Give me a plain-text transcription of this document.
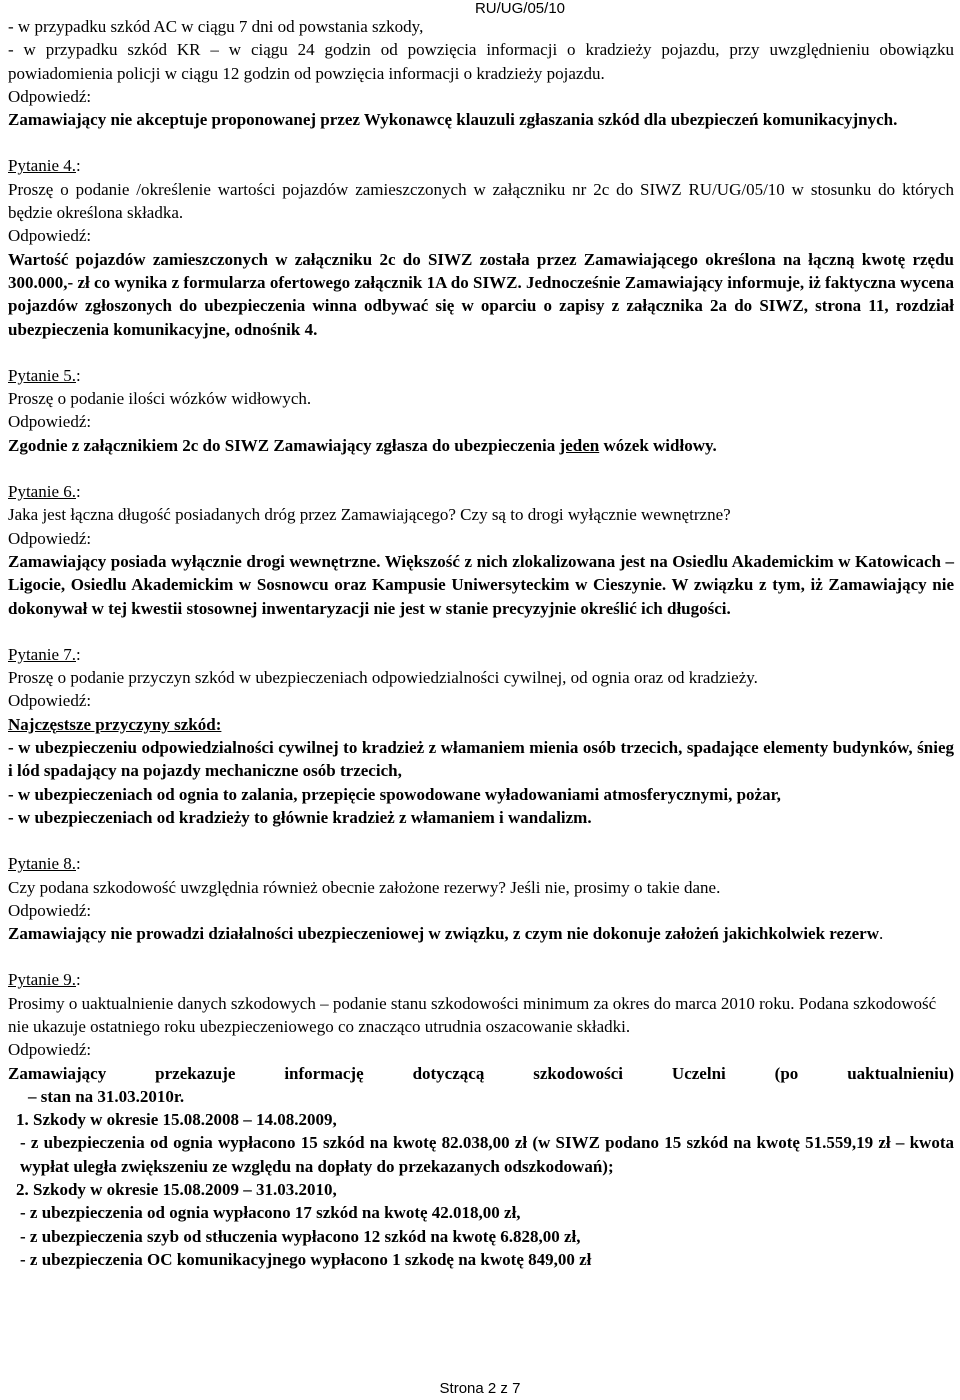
RU/UG/05/10

- w przypadku szkód AC w ciągu 7 dni od powstania szkody,

- w przypadku szkód KR – w ciągu 24 godzin od powzięcia informacji o kradzieży pojazdu, przy uwzględnieniu obowiązku powiadomienia policji w ciągu 12 godzin od powzięcia informacji o kradzieży pojazdu.

Odpowiedź:

Zamawiający nie akceptuje proponowanej przez Wykonawcę klauzuli zgłaszania szkód dla ubezpieczeń komunikacyjnych.

Pytanie 4.:

Proszę o podanie /określenie wartości pojazdów zamieszczonych w załączniku nr 2c do SIWZ RU/UG/05/10 w stosunku do których będzie określona składka.

Odpowiedź:

Wartość pojazdów zamieszczonych w załączniku 2c do SIWZ została przez Zamawiającego określona na łączną kwotę rzędu 300.000,- zł co wynika z formularza ofertowego załącznik 1A do SIWZ. Jednocześnie Zamawiający informuje, iż faktyczna wycena pojazdów zgłoszonych do ubezpieczenia winna odbywać się w oparciu o zapisy z załącznika 2a do SIWZ, strona 11, rozdział ubezpieczenia komunikacyjne, odnośnik 4.

Pytanie 5.:

Proszę o podanie ilości wózków widłowych.

Odpowiedź:

Zgodnie z załącznikiem 2c do SIWZ Zamawiający zgłasza do ubezpieczenia jeden wózek widłowy.

Pytanie 6.:

Jaka jest łączna długość posiadanych dróg przez Zamawiającego? Czy są to drogi wyłącznie wewnętrzne?

Odpowiedź:

Zamawiający posiada wyłącznie drogi wewnętrzne. Większość z nich zlokalizowana jest na Osiedlu Akademickim w Katowicach – Ligocie, Osiedlu Akademickim w Sosnowcu oraz Kampusie Uniwersyteckim w Cieszynie. W związku z tym, iż Zamawiający nie dokonywał w tej kwestii stosownej inwentaryzacji nie jest w stanie precyzyjnie określić ich długości.

Pytanie 7.:

Proszę o podanie przyczyn szkód w ubezpieczeniach odpowiedzialności cywilnej, od ognia oraz od kradzieży.

Odpowiedź:

Najczęstsze przyczyny szkód:

- w ubezpieczeniu odpowiedzialności cywilnej to kradzież z włamaniem mienia osób trzecich, spadające elementy budynków, śnieg i lód spadający na pojazdy mechaniczne osób trzecich,

- w ubezpieczeniach od ognia to zalania, przepięcie spowodowane wyładowaniami atmosferycznymi, pożar,

- w ubezpieczeniach od kradzieży to głównie kradzież z włamaniem i wandalizm.

Pytanie 8.:

Czy podana szkodowość uwzględnia również obecnie założone rezerwy? Jeśli nie, prosimy o takie dane.

Odpowiedź:

Zamawiający nie prowadzi działalności ubezpieczeniowej w związku, z czym nie dokonuje założeń jakichkolwiek rezerw.

Pytanie 9.:

Prosimy o uaktualnienie danych szkodowych – podanie stanu szkodowości minimum za okres do marca 2010 roku. Podana szkodowość nie ukazuje ostatniego roku ubezpieczeniowego co znacząco utrudnia oszacowanie składki.

Odpowiedź:

Zamawiający przekazuje informację dotyczącą szkodowości Uczelni (po uaktualnieniu)

– stan na 31.03.2010r.

1. Szkody w okresie 15.08.2008 – 14.08.2009,

- z ubezpieczenia od ognia wypłacono 15 szkód na kwotę 82.038,00 zł (w SIWZ podano 15 szkód na kwotę 51.559,19 zł – kwota wypłat uległa zwiększeniu ze względu na dopłaty do przekazanych odszkodowań);

2. Szkody w okresie 15.08.2009 – 31.03.2010,

- z ubezpieczenia od ognia wypłacono 17 szkód na kwotę 42.018,00 zł,

- z ubezpieczenia szyb od stłuczenia wypłacono 12 szkód na kwotę 6.828,00 zł,

- z ubezpieczenia OC komunikacyjnego wypłacono 1 szkodę na kwotę 849,00 zł

Strona 2 z 7
